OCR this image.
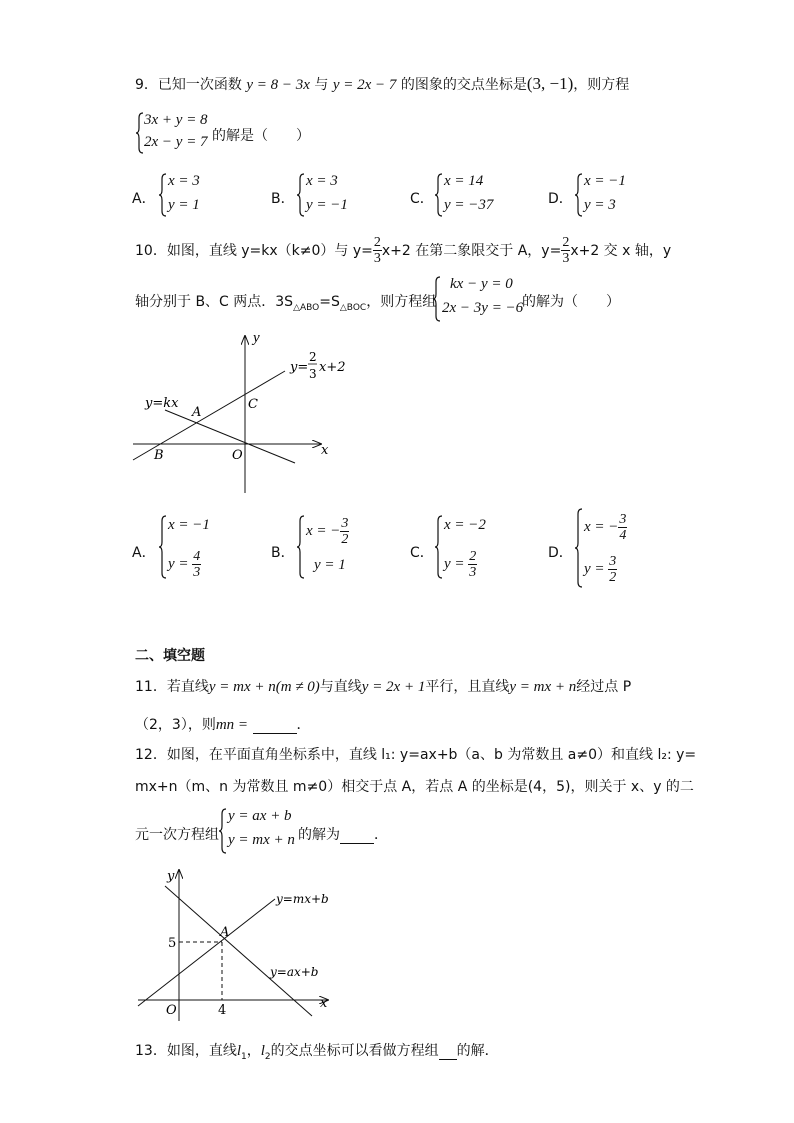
9．已知一次函数 y = 8 − 3x 与 y = 2x − 7 的图象的交点坐标是(3, −1)，则方程
3x + y = 8
2x − y = 7 的解是（　　）
A．
x = 3
y = 1	B．
x = 3
y = −1	C．
x = 14
y = −37	D．
x = −1
y = 3
10．如图，直线 y=kx（k≠0）与 $y= \frac{2}{3} x+2$ 在第二象限交于 A，$y= \frac{2}{3} x+2$ 交 x 轴，y
轴分别于 B、C 两点．$3S_{\triangle ABO}=S_{\triangle BOC}$，则方程组
kx − y = 0
2x − 3y = −6
的解为（　　）
y
x
y=
2
3 x+2
y=kx
A
B
C
O
A．
x = −1
y =
$\frac{4}{3}$	B．
x = − $\frac{3}{2}$
y = 1
C．
x = −2
y =
$\frac{2}{3}$	D．
x = − $\frac{3}{4}$
y =
$\frac{3}{2}$
二、填空题
11．若直线y = mx + n(m ≠ 0)与直线y = 2x + 1平行，且直线y = mx + n经过点 P
（2，3），则mn =	．
12．如图，在平面直角坐标系中，直线 l₁: y=ax+b（a、b 为常数且 a≠0）和直线 l₂: y=
mx+n（m、n 为常数且 m≠0）相交于点 A，若点 A 的坐标是(4，5)，则关于 x、y 的二
元一次方程组
y = ax + b
y = mx + n 的解为 ．
y
x
O
A
5
4
y=mx+b
y=ax+b
13．如图，直线$l_1$，$l_2$的交点坐标可以看做方程组 的解．
